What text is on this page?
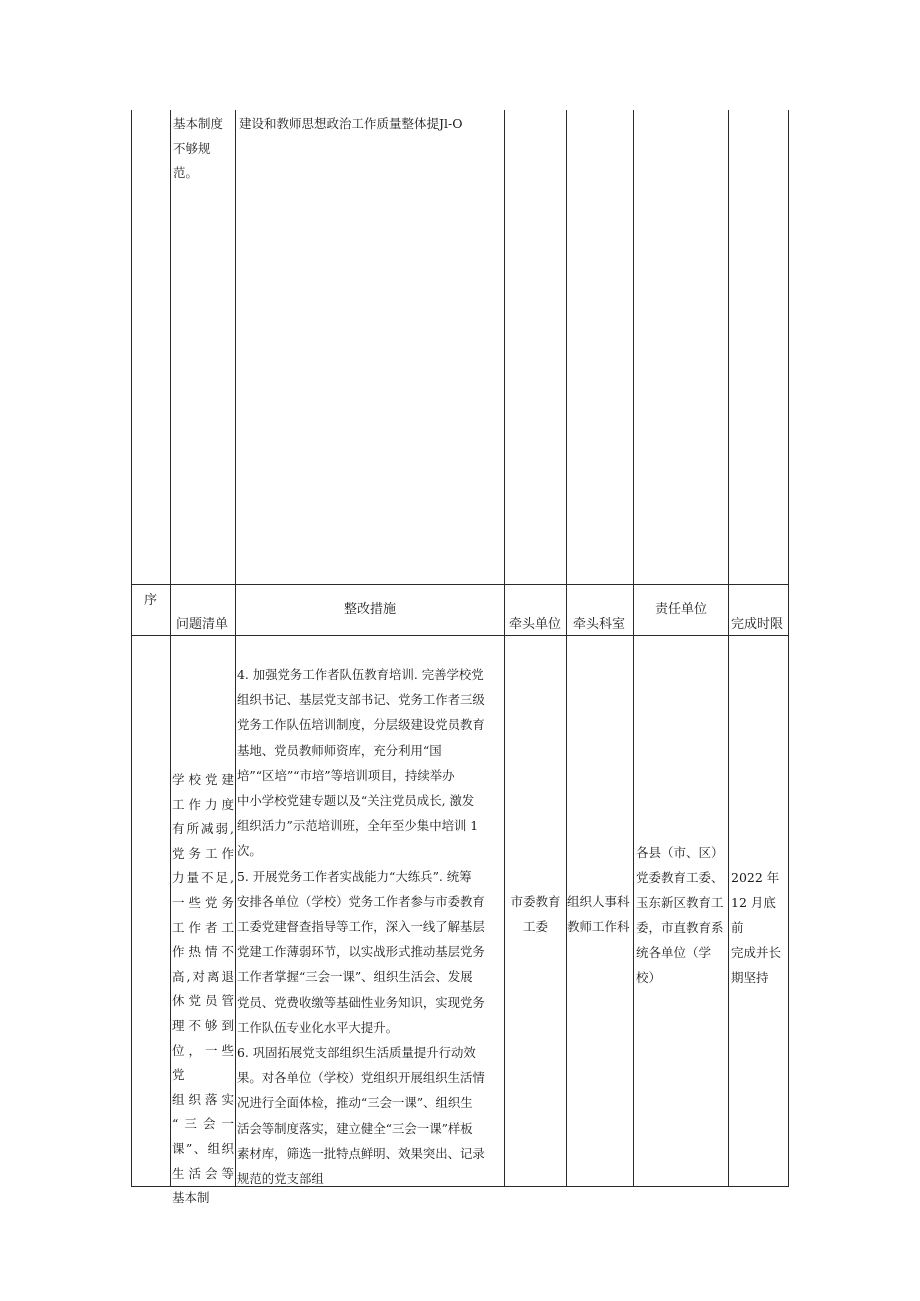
基本制度
不够规
范。
建设和教师思想政治工作质量整体提Jl-O
序
问题清单
整改措施
牵头单位 牵头科室
责任单位
完成时限
学校党建
工作力度
有所减弱,
党务工作
力量不足,
一些党务
工作者工
作热情不
高,对离退
休党员管
理不够到
位，一些党
组织落实
“三会一
课”、组织
生活会等
基本制
4. 加强党务工作者队伍教育培训. 完善学校党
组织书记、基层党支部书记、党务工作者三级
党务工作队伍培训制度，分层级建设党员教育
基地、党员教师师资库，充分利用“国
培”“区培”“市培”等培训项目，持续举办
中小学校党建专题以及“关注党员成长, 激发
组织活力”示范培训班，全年至少集中培训 1
次。
5. 开展党务工作者实战能力“大练兵”. 统筹
安排各单位（学校）党务工作者参与市委教育
工委党建督查指导等工作，深入一线了解基层
党建工作薄弱环节，以实战形式推动基层党务
工作者掌握“三会一课”、组织生活会、发展
党员、党费收缴等基础性业务知识，实现党务
工作队伍专业化水平大提升。
6. 巩固拓展党支部组织生活质量提升行动效
果。对各单位（学校）党组织开展组织生活情
况进行全面体检，推动“三会一课”、组织生
活会等制度落实，建立健全“三会一课”样板
素材库，筛选一批特点鲜明、效果突出、记录
规范的党支部组
市委教育
工委
组织人事科
教师工作科
各县（市、区）
党委教育工委、
玉东新区教育工
委，市直教育系
统各单位（学
校）
2022 年
12 月底前
完成并长
期坚持
